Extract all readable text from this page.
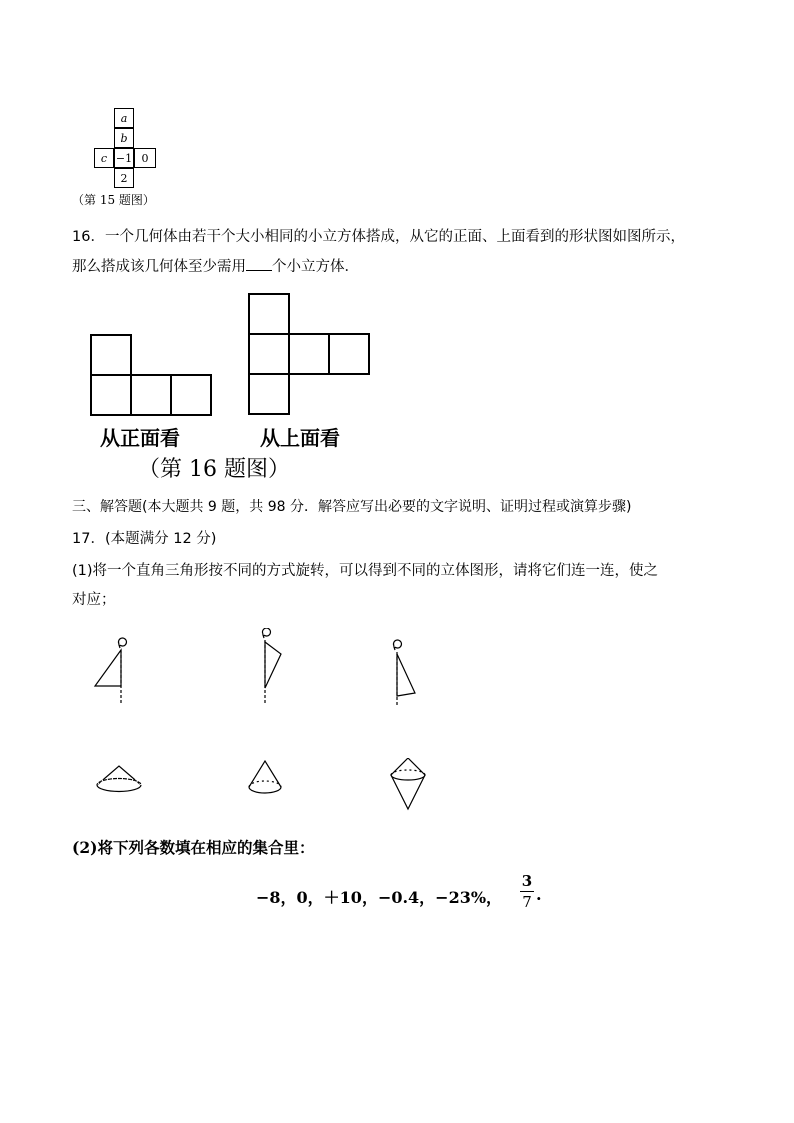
a
b
c −1 0
2
（第 15 题图）
16．一个几何体由若干个大小相同的小立方体搭成，从它的正面、上面看到的形状图如图所示，
那么搭成该几何体至少需用 个小立方体．
从正面看	从上面看
（第 16 题图）
三、解答题(本大题共 9 题，共 98 分．解答应写出必要的文字说明、证明过程或演算步骤)
17．(本题满分 12 分)
(1)将一个直角三角形按不同的方式旋转，可以得到不同的立体图形，请将它们连一连，使之
对应；
(2)将下列各数填在相应的集合里：
−8，0，＋10，−0.4，−23%，
3
7 .
